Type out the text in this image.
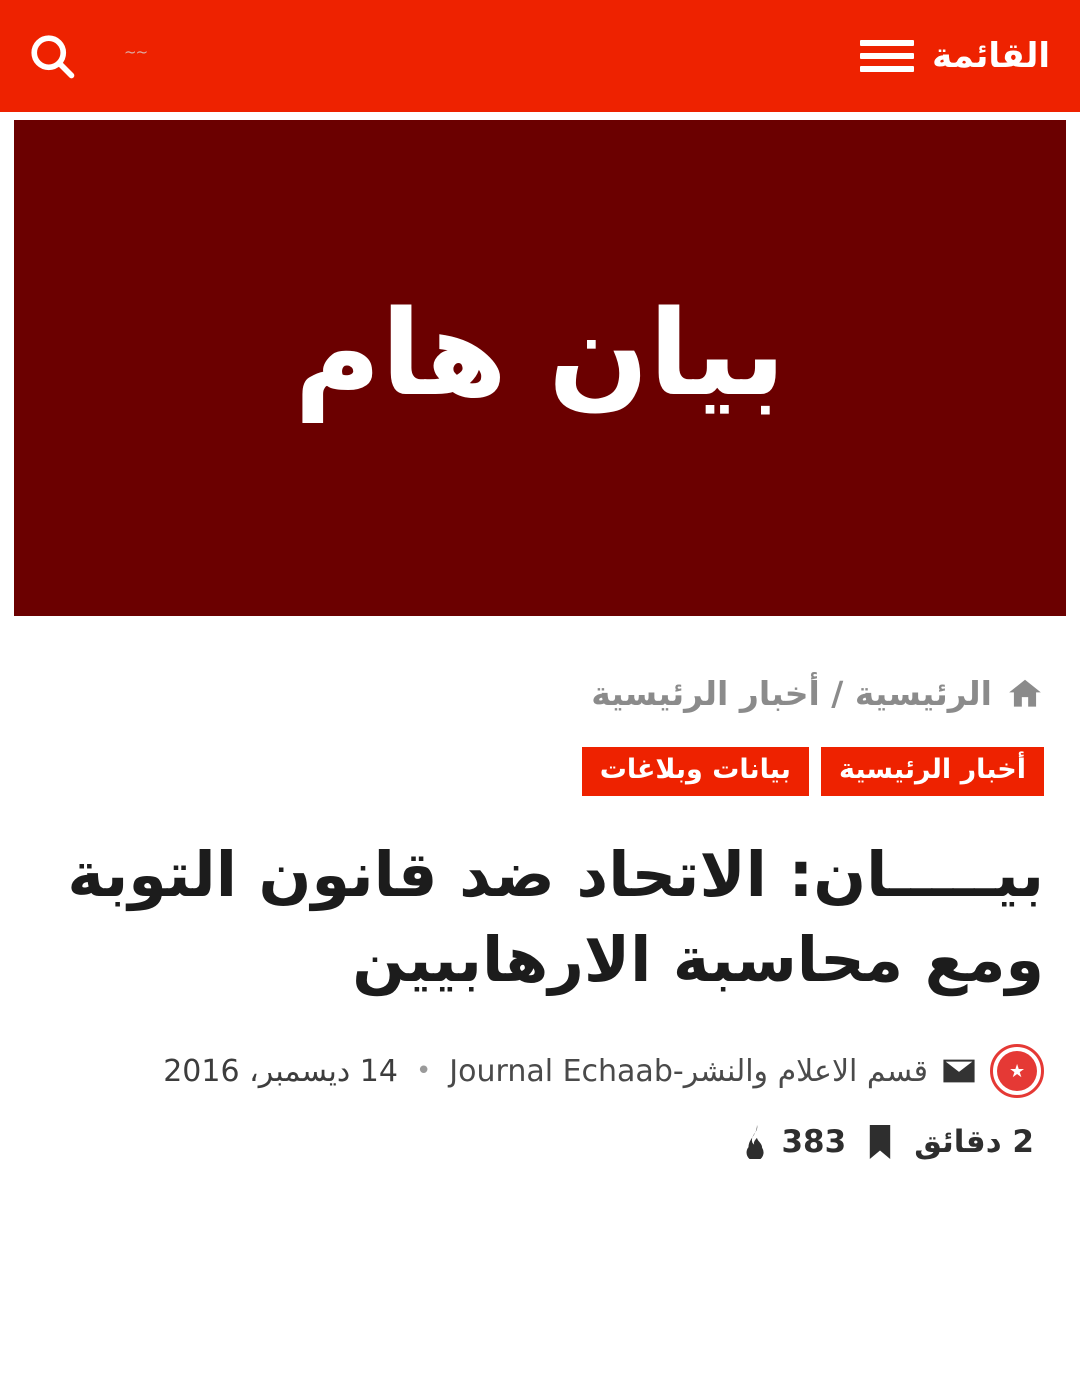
القائمة
~~
بيان هام
الرئيسية / أخبار الرئيسية
أخبار الرئيسية
بيانات وبلاغات
بيـــــان: الاتحاد ضد قانون التوبة ومع محاسبة الارهابيين
★
قسم الاعلام والنشر-Journal Echaab
•
14 ديسمبر، 2016
2 دقائق
383
